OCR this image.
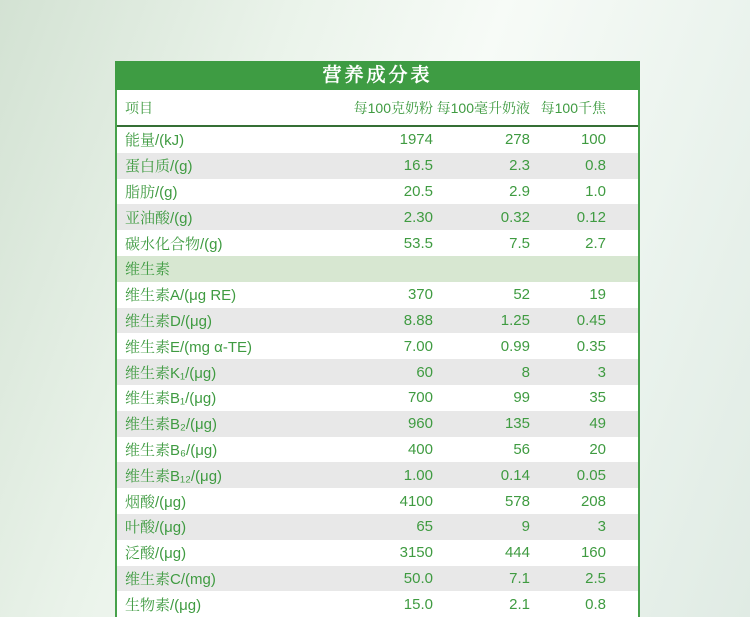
营养成分表
项目	每100克奶粉 每100毫升奶液 每100千焦
能量/(kJ)	1974	278	100
蛋白质/(g)	16.5	2.3	0.8
脂肪/(g)	20.5	2.9	1.0
亚油酸/(g)	2.30	0.32	0.12
碳水化合物/(g)	53.5	7.5	2.7
维生素
维生素A/(μg RE)	370	52	19
维生素D/(μg)	8.88	1.25	0.45
维生素E/(mg α-TE)	7.00	0.99	0.35
维生素K₁/(μg)	60	8	3
维生素B₁/(μg)	700	99	35
维生素B₂/(μg)	960	135	49
维生素B₆/(μg)	400	56	20
维生素B₁₂/(μg)	1.00	0.14	0.05
烟酸/(μg)	4100	578	208
叶酸/(μg)	65	9	3
泛酸/(μg)	3150	444	160
维生素C/(mg)	50.0	7.1	2.5
生物素/(μg)	15.0	2.1	0.8
